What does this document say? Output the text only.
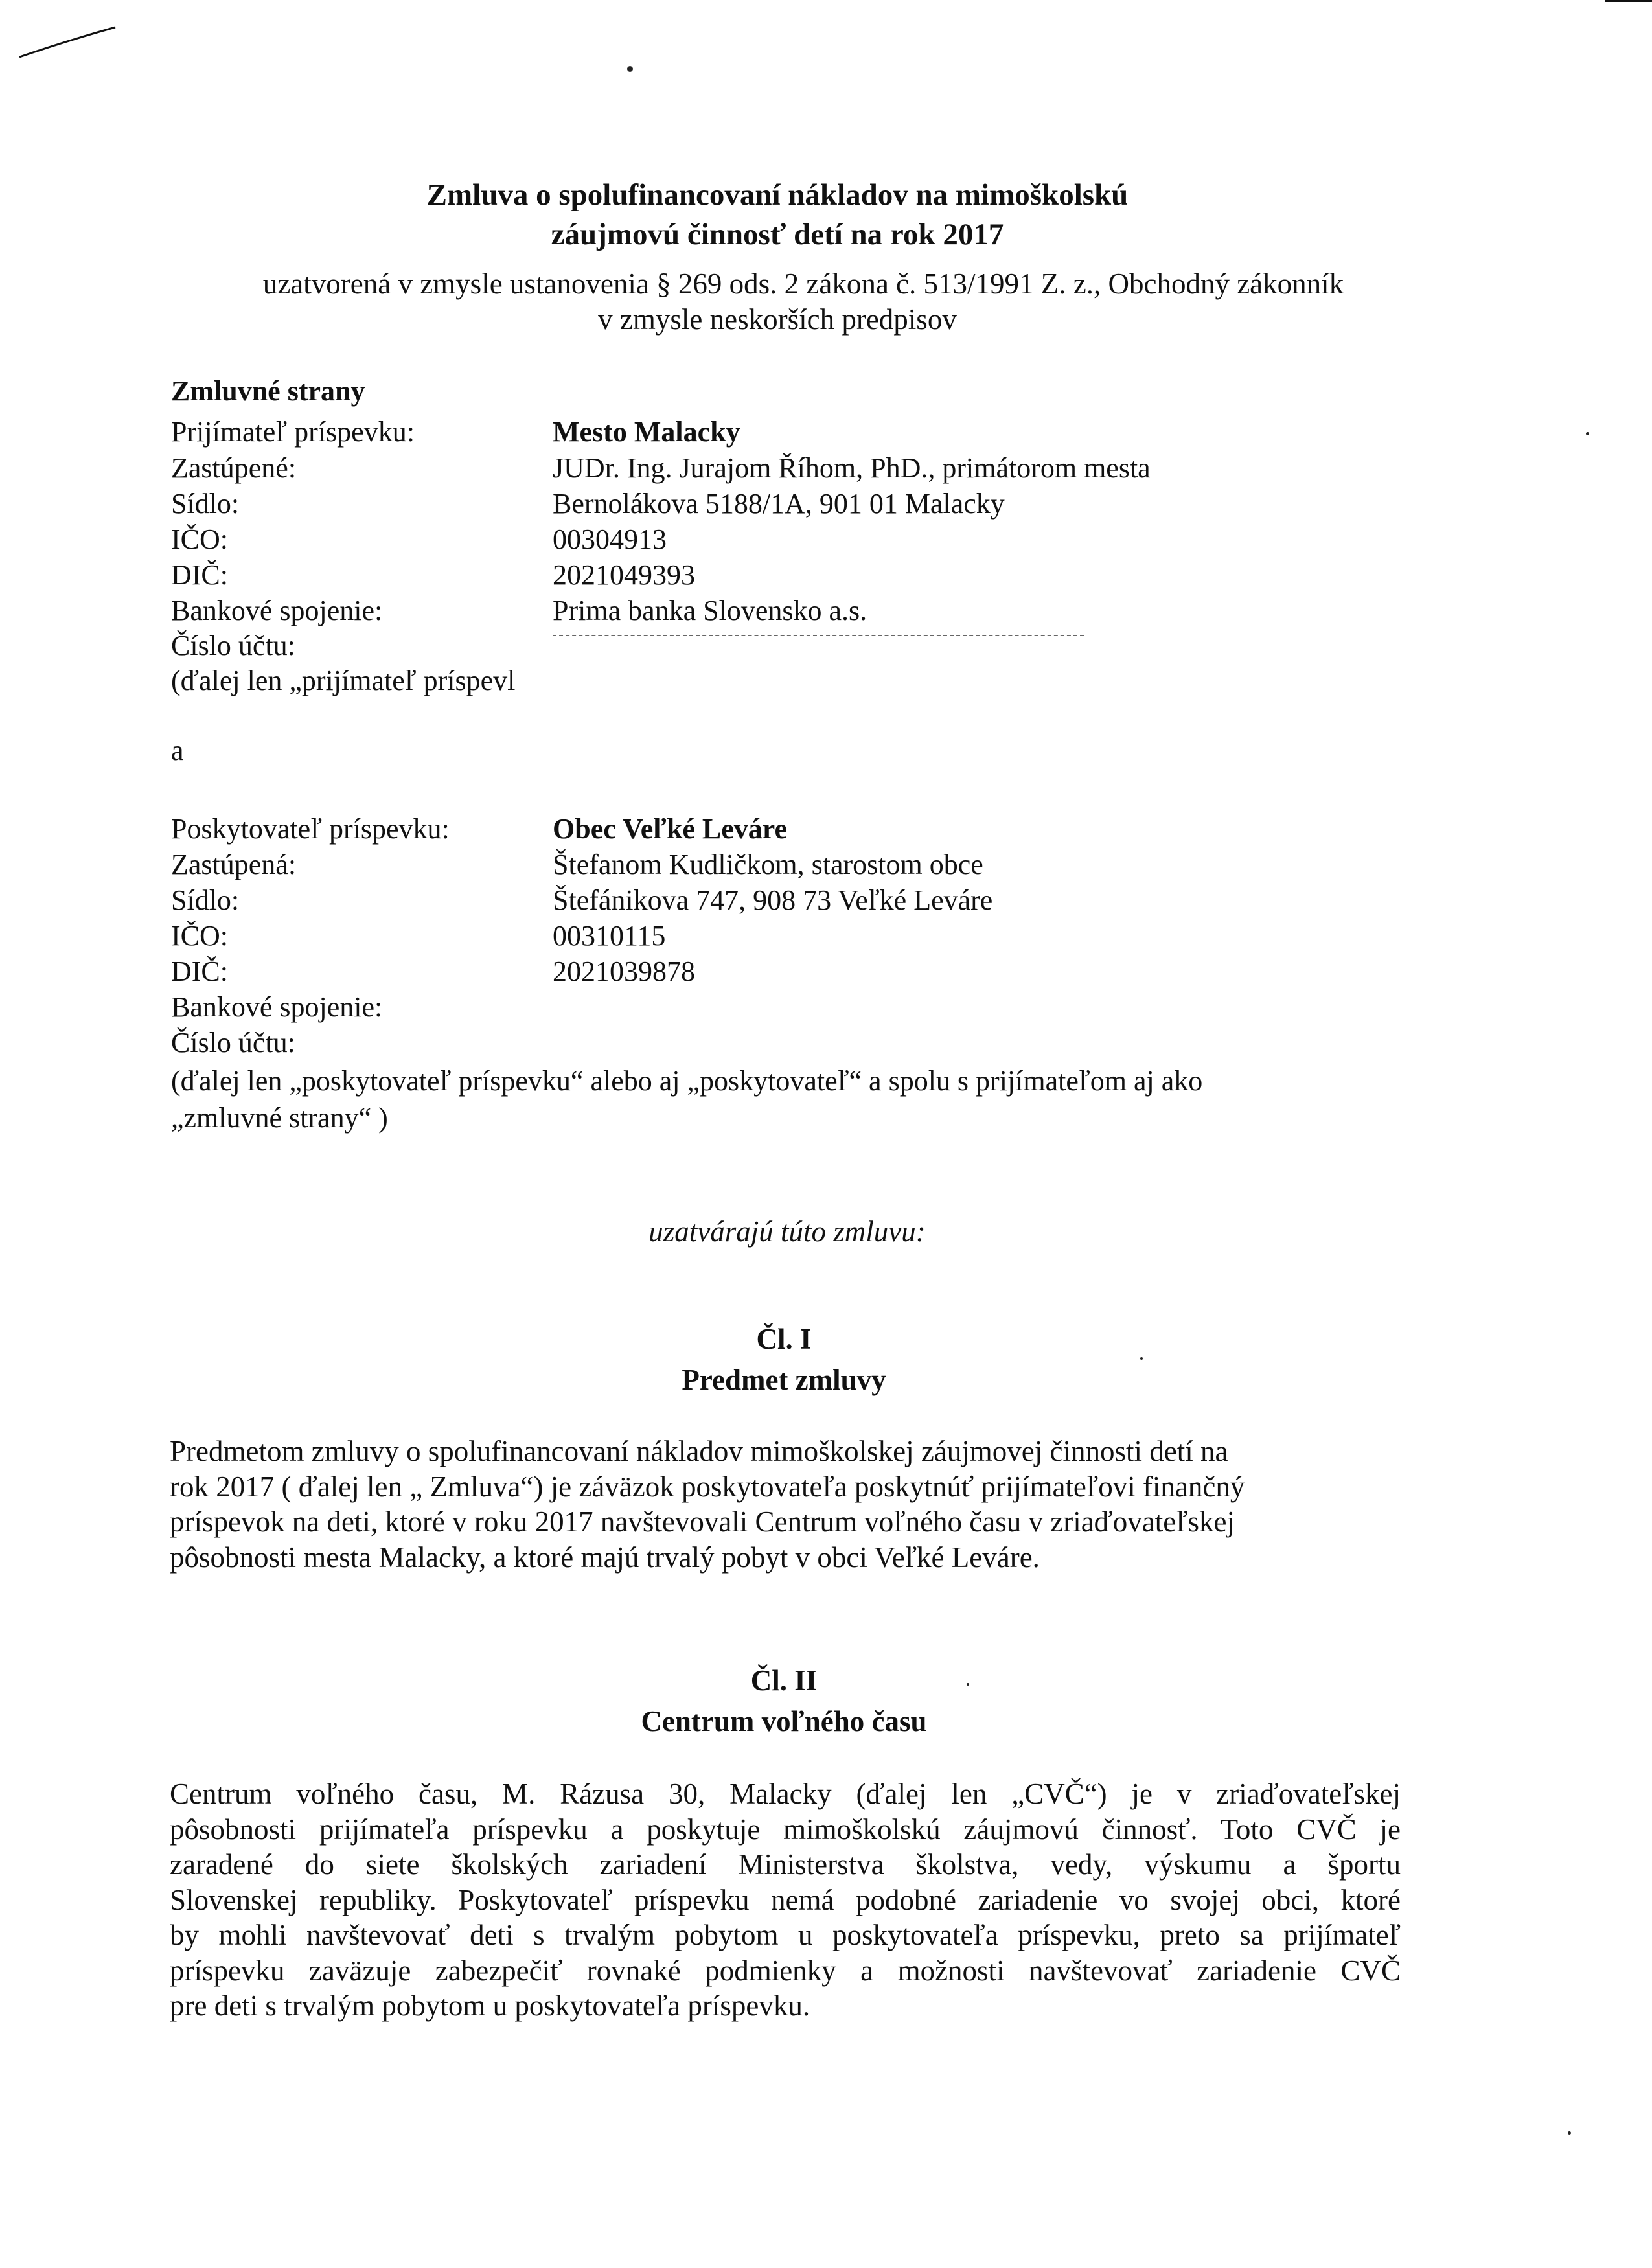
Zmluva o spolufinancovaní nákladov na mimoškolskú
záujmovú činnosť detí na rok 2017
uzatvorená v zmysle ustanovenia § 269 ods. 2 zákona č. 513/1991 Z. z., Obchodný zákonník
v zmysle neskorších predpisov
Zmluvné strany
Prijímateľ príspevku:	Mesto Malacky
Zastúpené:	JUDr. Ing. Jurajom Říhom, PhD., primátorom mesta
Sídlo:	Bernolákova 5188/1A, 901 01 Malacky
IČO:	00304913
DIČ:	2021049393
Bankové spojenie:	Prima banka Slovensko a.s.
Číslo účtu:
(ďalej len „prijímateľ príspevl
a
Poskytovateľ príspevku:	Obec Veľké Leváre
Zastúpená:	Štefanom Kudličkom, starostom obce
Sídlo:	Štefánikova 747, 908 73 Veľké Leváre
IČO:	00310115
DIČ:	2021039878
Bankové spojenie:
Číslo účtu:
(ďalej len „poskytovateľ príspevku“ alebo aj „poskytovateľ“ a spolu s prijímateľom aj ako
„zmluvné strany“ )
uzatvárajú túto zmluvu:
Čl. I
Predmet zmluvy
Predmetom zmluvy o spolufinancovaní nákladov mimoškolskej záujmovej činnosti detí na
rok 2017 ( ďalej len „ Zmluva“) je záväzok poskytovateľa poskytnúť prijímateľovi finančný
príspevok na deti, ktoré v roku 2017 navštevovali Centrum voľného času v zriaďovateľskej
pôsobnosti mesta Malacky, a ktoré majú trvalý pobyt v obci Veľké Leváre.
Čl. II
Centrum voľného času
Centrum voľného času, M. Rázusa 30, Malacky (ďalej len „CVČ“) je v zriaďovateľskej
pôsobnosti prijímateľa príspevku a poskytuje mimoškolskú záujmovú činnosť. Toto CVČ je
zaradené do siete školských zariadení Ministerstva školstva, vedy, výskumu a športu
Slovenskej republiky. Poskytovateľ príspevku nemá podobné zariadenie vo svojej obci, ktoré
by mohli navštevovať deti s trvalým pobytom u poskytovateľa príspevku, preto sa prijímateľ
príspevku zaväzuje zabezpečiť rovnaké podmienky a možnosti navštevovať zariadenie CVČ
pre deti s trvalým pobytom u poskytovateľa príspevku.
